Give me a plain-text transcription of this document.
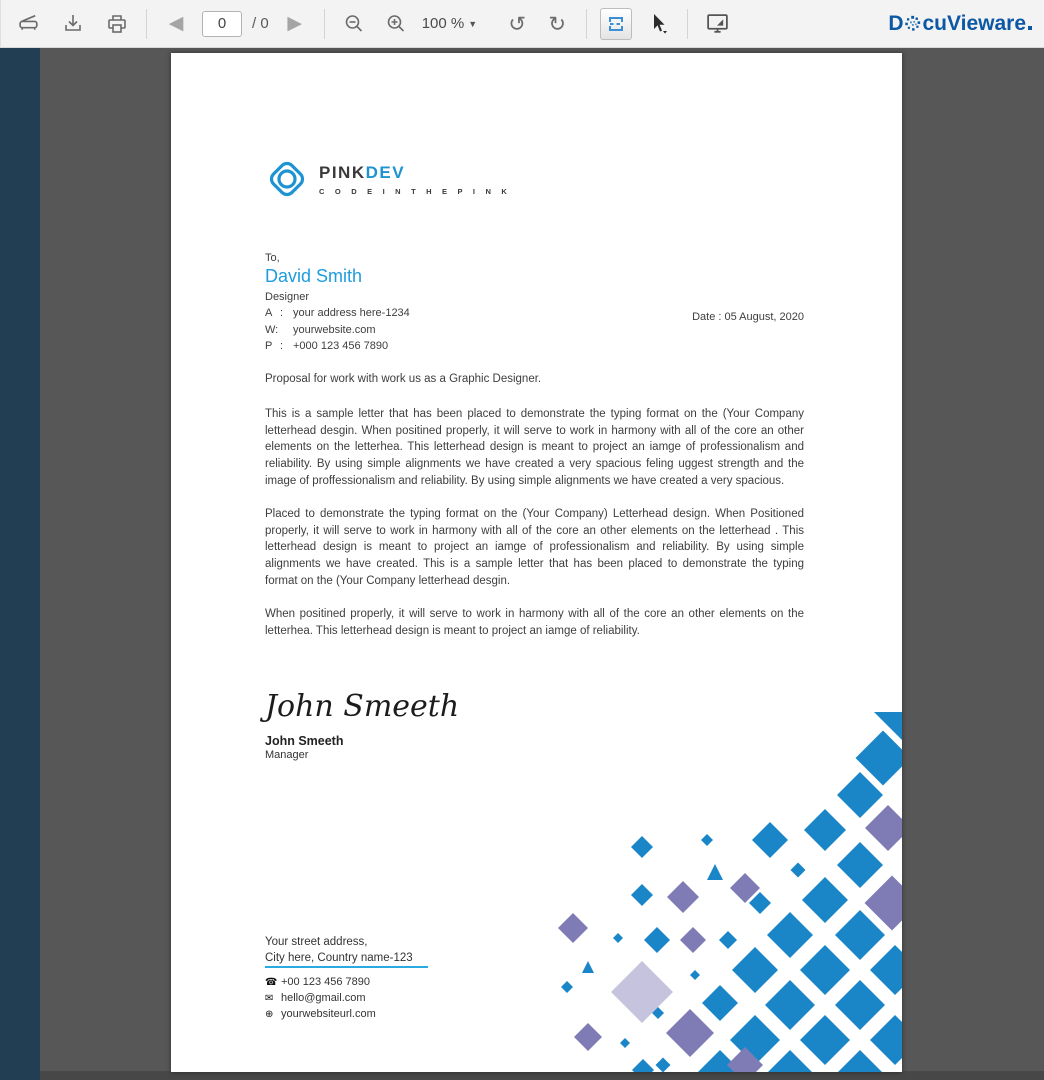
◀
0	/ 0 ▶	100 % ▼ ↺ ↻	D cuVieware
PINKDEV
C O D E I N T H E P I N K
To,
David Smith
Designer
A : your address here-1234
W: yourwebsite.com
P : +000 123 456 7890
Date : 05 August, 2020
Proposal for work with work us as a Graphic Designer.
This is a sample letter that has been placed to demonstrate the typing format on the (Your Company letterhead desgin. When positined properly, it will serve to work in harmony with all of the core an other elements on the letterhea. This letterhead design is meant to project an iamge of professionalism and reliability. By using simple alignments we have created a very spacious feling uggest strength and the image of proffessionalism and reliability. By using simple alignments we have created a very spacious.
Placed to demonstrate the typing format on the (Your Company) Letterhead design. When Positioned properly, it will serve to work in harmony with all of the core an other elements on the letterhead . This letterhead design is meant to project an iamge of professionalism and reliability. By using simple alignments we have created. This is a sample letter that has been placed to demonstrate the typing format on the (Your Company letterhead desgin.
When positined properly, it will serve to work in harmony with all of the core an other elements on the letterhea. This letterhead design is meant to project an iamge of reliability.
John Smeeth
John Smeeth
Manager
Your street address,
City here, Country name-123
☎ +00 123 456 7890
✉ hello@gmail.com
⊕ yourwebsiteurl.com
